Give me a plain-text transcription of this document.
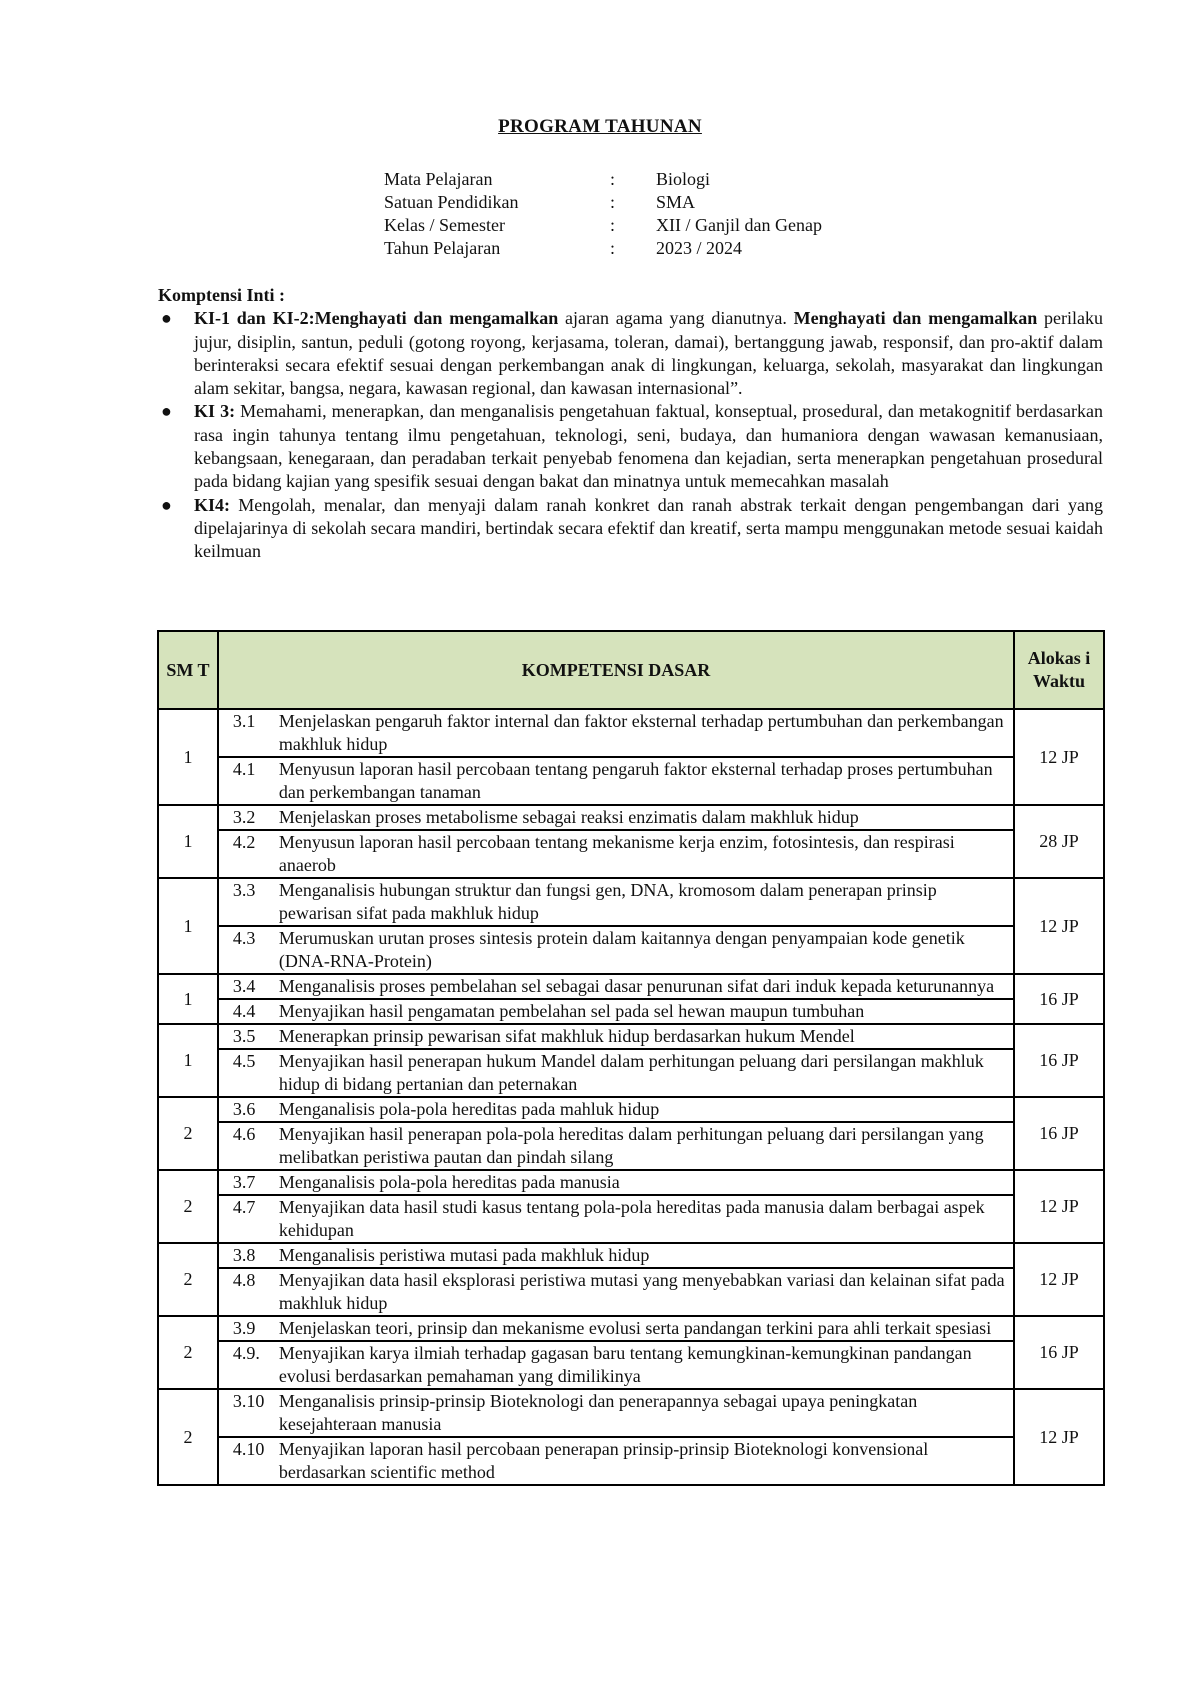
PROGRAM TAHUNAN
Mata Pelajaran	:	Biologi
Satuan Pendidikan	:	SMA
Kelas / Semester	:	XII / Ganjil dan Genap
Tahun Pelajaran	:	2023 / 2024
Komptensi Inti :
● KI-1 dan KI-2:Menghayati dan mengamalkan ajaran agama yang dianutnya. Menghayati dan mengamalkan perilaku jujur, disiplin, santun, peduli (gotong royong, kerjasama, toleran, damai), bertanggung jawab, responsif, dan pro-aktif dalam berinteraksi secara efektif sesuai dengan perkembangan anak di lingkungan, keluarga, sekolah, masyarakat dan lingkungan alam sekitar, bangsa, negara, kawasan regional, dan kawasan internasional”.
● KI 3: Memahami, menerapkan, dan menganalisis pengetahuan faktual, konseptual, prosedural, dan metakognitif berdasarkan rasa ingin tahunya tentang ilmu pengetahuan, teknologi, seni, budaya, dan humaniora dengan wawasan kemanusiaan, kebangsaan, kenegaraan, dan peradaban terkait penyebab fenomena dan kejadian, serta menerapkan pengetahuan prosedural pada bidang kajian yang spesifik sesuai dengan bakat dan minatnya untuk memecahkan masalah
● KI4: Mengolah, menalar, dan menyaji dalam ranah konkret dan ranah abstrak terkait dengan pengembangan dari yang dipelajarinya di sekolah secara mandiri, bertindak secara efektif dan kreatif, serta mampu menggunakan metode sesuai kaidah keilmuan
SM T	KOMPETENSI DASAR	Alokas i Waktu
1	3.1 Menjelaskan pengaruh faktor internal dan faktor eksternal terhadap pertumbuhan dan perkembangan makhluk hidup
4.1 Menyusun laporan hasil percobaan tentang pengaruh faktor eksternal terhadap proses pertumbuhan dan perkembangan tanaman	12 JP
1	3.2 Menjelaskan proses metabolisme sebagai reaksi enzimatis dalam makhluk hidup
4.2 Menyusun laporan hasil percobaan tentang mekanisme kerja enzim, fotosintesis, dan respirasi anaerob	28 JP
1	3.3 Menganalisis hubungan struktur dan fungsi gen, DNA, kromosom dalam penerapan prinsip pewarisan sifat pada makhluk hidup
4.3 Merumuskan urutan proses sintesis protein dalam kaitannya dengan penyampaian kode genetik (DNA-RNA-Protein)	12 JP
1	3.4 Menganalisis proses pembelahan sel sebagai dasar penurunan sifat dari induk kepada keturunannya
4.4 Menyajikan hasil pengamatan pembelahan sel pada sel hewan maupun tumbuhan	16 JP
1	3.5 Menerapkan prinsip pewarisan sifat makhluk hidup berdasarkan hukum Mendel
4.5 Menyajikan hasil penerapan hukum Mandel dalam perhitungan peluang dari persilangan makhluk hidup di bidang pertanian dan peternakan	16 JP
2	3.6 Menganalisis pola-pola hereditas pada mahluk hidup
4.6 Menyajikan hasil penerapan pola-pola hereditas dalam perhitungan peluang dari persilangan yang melibatkan peristiwa pautan dan pindah silang	16 JP
2	3.7 Menganalisis pola-pola hereditas pada manusia
4.7 Menyajikan data hasil studi kasus tentang pola-pola hereditas pada manusia dalam berbagai aspek kehidupan	12 JP
2	3.8 Menganalisis peristiwa mutasi pada makhluk hidup
4.8 Menyajikan data hasil eksplorasi peristiwa mutasi yang menyebabkan variasi dan kelainan sifat pada makhluk hidup	12 JP
2	3.9 Menjelaskan teori, prinsip dan mekanisme evolusi serta pandangan terkini para ahli terkait spesiasi
4.9. Menyajikan karya ilmiah terhadap gagasan baru tentang kemungkinan-kemungkinan pandangan evolusi berdasarkan pemahaman yang dimilikinya	16 JP
2	3.10 Menganalisis prinsip-prinsip Bioteknologi dan penerapannya sebagai upaya peningkatan kesejahteraan manusia
4.10 Menyajikan laporan hasil percobaan penerapan prinsip-prinsip Bioteknologi konvensional berdasarkan scientific method	12 JP
